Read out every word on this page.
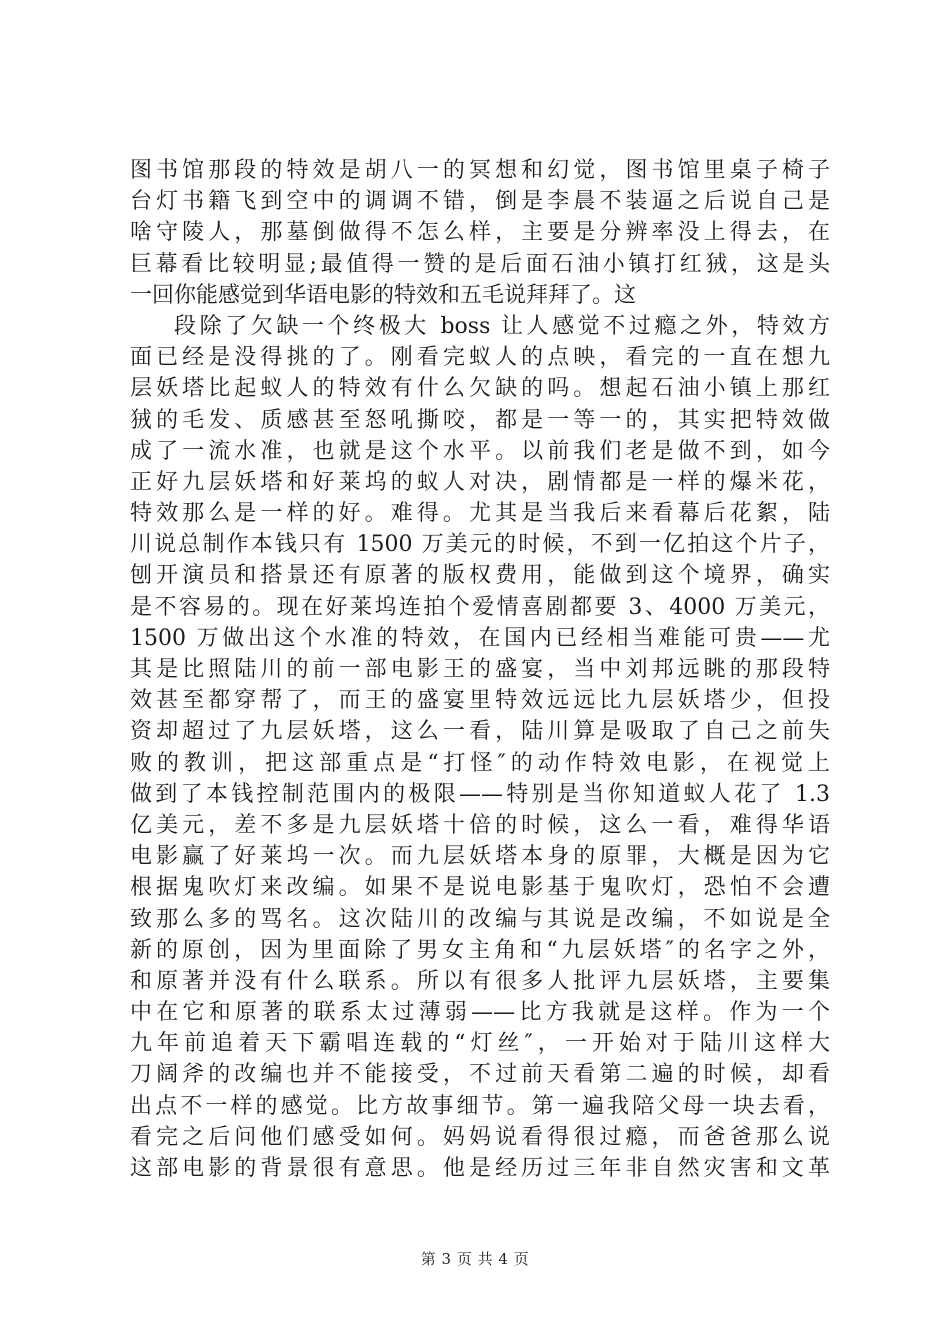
图书馆那段的特效是胡八一的冥想和幻觉，图书馆里桌子椅子
台灯书籍飞到空中的调调不错，倒是李晨不装逼之后说自己是
啥守陵人，那墓倒做得不怎么样，主要是分辨率没上得去，在
巨幕看比较明显;最值得一赞的是后面石油小镇打红狨，这是头
一回你能感觉到华语电影的特效和五毛说拜拜了。这
段除了欠缺一个终极大 boss 让人感觉不过瘾之外，特效方
面已经是没得挑的了。刚看完蚁人的点映，看完的一直在想九
层妖塔比起蚁人的特效有什么欠缺的吗。想起石油小镇上那红
狨的毛发、质感甚至怒吼撕咬，都是一等一的，其实把特效做
成了一流水准，也就是这个水平。以前我们老是做不到，如今
正好九层妖塔和好莱坞的蚁人对决，剧情都是一样的爆米花，
特效那么是一样的好。难得。尤其是当我后来看幕后花絮，陆
川说总制作本钱只有 1500 万美元的时候，不到一亿拍这个片子，
刨开演员和搭景还有原著的版权费用，能做到这个境界，确实
是不容易的。现在好莱坞连拍个爱情喜剧都要 3、4000 万美元，
1500 万做出这个水准的特效，在国内已经相当难能可贵——尤
其是比照陆川的前一部电影王的盛宴，当中刘邦远眺的那段特
效甚至都穿帮了，而王的盛宴里特效远远比九层妖塔少，但投
资却超过了九层妖塔，这么一看，陆川算是吸取了自己之前失
败的教训，把这部重点是“打怪″的动作特效电影，在视觉上
做到了本钱控制范围内的极限——特别是当你知道蚁人花了 1.3
亿美元，差不多是九层妖塔十倍的时候，这么一看，难得华语
电影赢了好莱坞一次。而九层妖塔本身的原罪，大概是因为它
根据鬼吹灯来改编。如果不是说电影基于鬼吹灯，恐怕不会遭
致那么多的骂名。这次陆川的改编与其说是改编，不如说是全
新的原创，因为里面除了男女主角和“九层妖塔″的名字之外，
和原著并没有什么联系。所以有很多人批评九层妖塔，主要集
中在它和原著的联系太过薄弱——比方我就是这样。作为一个
九年前追着天下霸唱连载的“灯丝″，一开始对于陆川这样大
刀阔斧的改编也并不能接受，不过前天看第二遍的时候，却看
出点不一样的感觉。比方故事细节。第一遍我陪父母一块去看，
看完之后问他们感受如何。妈妈说看得很过瘾，而爸爸那么说
这部电影的背景很有意思。他是经历过三年非自然灾害和文革
第 3 页 共 4 页
